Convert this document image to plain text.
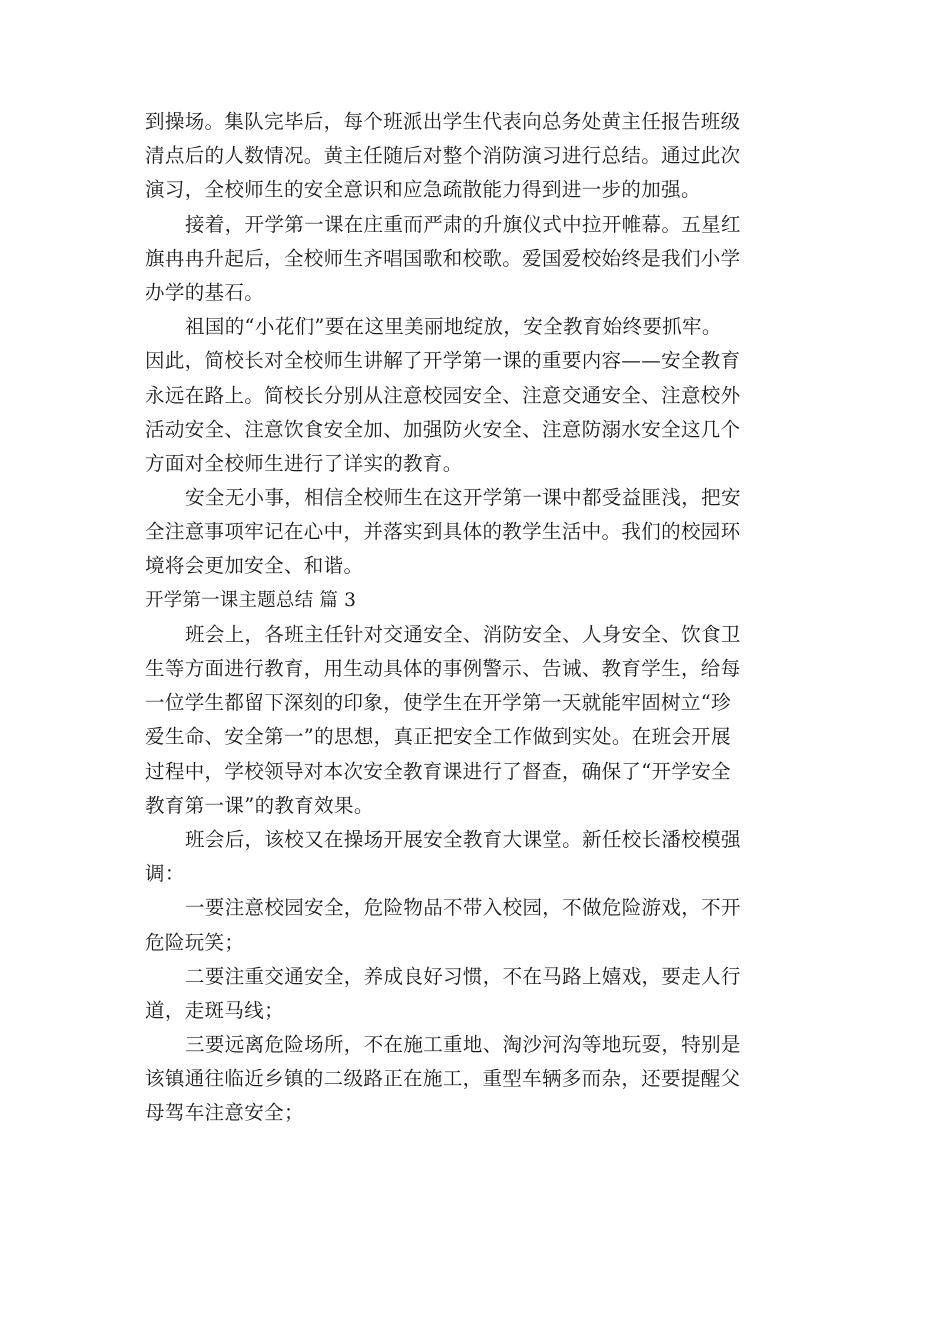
到操场。集队完毕后，每个班派出学生代表向总务处黄主任报告班级
清点后的人数情况。黄主任随后对整个消防演习进行总结。通过此次
演习，全校师生的安全意识和应急疏散能力得到进一步的加强。
接着，开学第一课在庄重而严肃的升旗仪式中拉开帷幕。五星红
旗冉冉升起后，全校师生齐唱国歌和校歌。爱国爱校始终是我们小学
办学的基石。
祖国的“小花们”要在这里美丽地绽放，安全教育始终要抓牢。
因此，简校长对全校师生讲解了开学第一课的重要内容——安全教育
永远在路上。简校长分别从注意校园安全、注意交通安全、注意校外
活动安全、注意饮食安全加、加强防火安全、注意防溺水安全这几个
方面对全校师生进行了详实的教育。
安全无小事，相信全校师生在这开学第一课中都受益匪浅，把安
全注意事项牢记在心中，并落实到具体的教学生活中。我们的校园环
境将会更加安全、和谐。
开学第一课主题总结 篇 3
班会上，各班主任针对交通安全、消防安全、人身安全、饮食卫
生等方面进行教育，用生动具体的事例警示、告诫、教育学生，给每
一位学生都留下深刻的印象，使学生在开学第一天就能牢固树立“珍
爱生命、安全第一”的思想，真正把安全工作做到实处。在班会开展
过程中，学校领导对本次安全教育课进行了督查，确保了“开学安全
教育第一课”的教育效果。
班会后，该校又在操场开展安全教育大课堂。新任校长潘校模强
调：
一要注意校园安全，危险物品不带入校园，不做危险游戏，不开
危险玩笑；
二要注重交通安全，养成良好习惯，不在马路上嬉戏，要走人行
道，走斑马线；
三要远离危险场所，不在施工重地、淘沙河沟等地玩耍，特别是
该镇通往临近乡镇的二级路正在施工，重型车辆多而杂，还要提醒父
母驾车注意安全；
